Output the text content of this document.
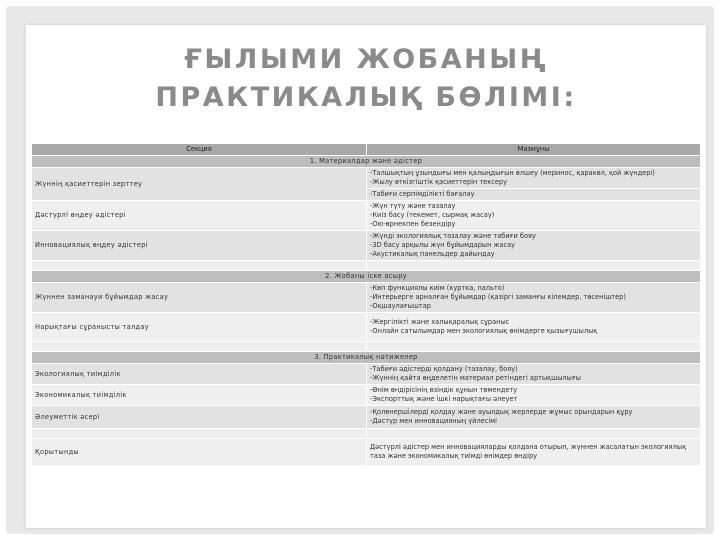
ҒЫЛЫМИ ЖОБАНЫҢ
ПРАКТИКАЛЫҚ БӨЛІМІ:
Секция	Мазмұны
1. Материалдар және әдістер	
Жүннің қасиеттерін зерттеу	-Талшықтың ұзындығы мен қалыңдығын өлшеу (мериноc, қаракөл, қой жүндері)
-Жылу өткізгіштік қасиеттерін тексеру

	-Табиғи серпімділікті бағалау

Дәстүрлі өңдеу әдістері	-Жүн түту және тазалау
-Киіз басу (текемет, сырмақ жасау)
-Ою-өрнекпен безендіру

Инновациялық өңдеу әдістері	-Жүнді экологиялық тазалау және табиғи бояу
-3D басу арқылы жүн бұйымдарын жасау
-Акустикалық панельдер дайындау

2. Жобаны іске асыру	
Жүннен заманауи бұйымдар жасау	-Көп функциялы киім (куртка, пальто)
-Интерьерге арналған бұйымдар (қазіргі заманғы кілемдер, төсеніштер)
-Оқшаулағыштар

Нарықтағы сұранысты талдау	-Жергілікті және халықаралық сұраныс
-Онлайн сатылымдар мен экологиялық өнімдерге қызығушылық

3. Практикалық нәтижелер	
Экологиялық тиімділік	-Табиғи әдістерді қолдану (тазалау, бояу)
-Жүннің қайта өңделетін материал ретіндегі артықшылығы

Экономикалық тиімділік	-Өнім өндірісінің өзіндік құнын төмендету
-Экспорттық және ішкі нарықтағы әлеует

Әлеуметтік әсері	-Қолөнершілерді қолдау және ауылдық жерлерде жұмыс орындарын құру
-Дәстүр мен инновацияның үйлесімі

Қорытынды	Дәстүрлі әдістер мен инновацияларды қолдана отырып, жүннен жасалатын экологиялық таза және экономикалық тиімді өнімдер өндіру
